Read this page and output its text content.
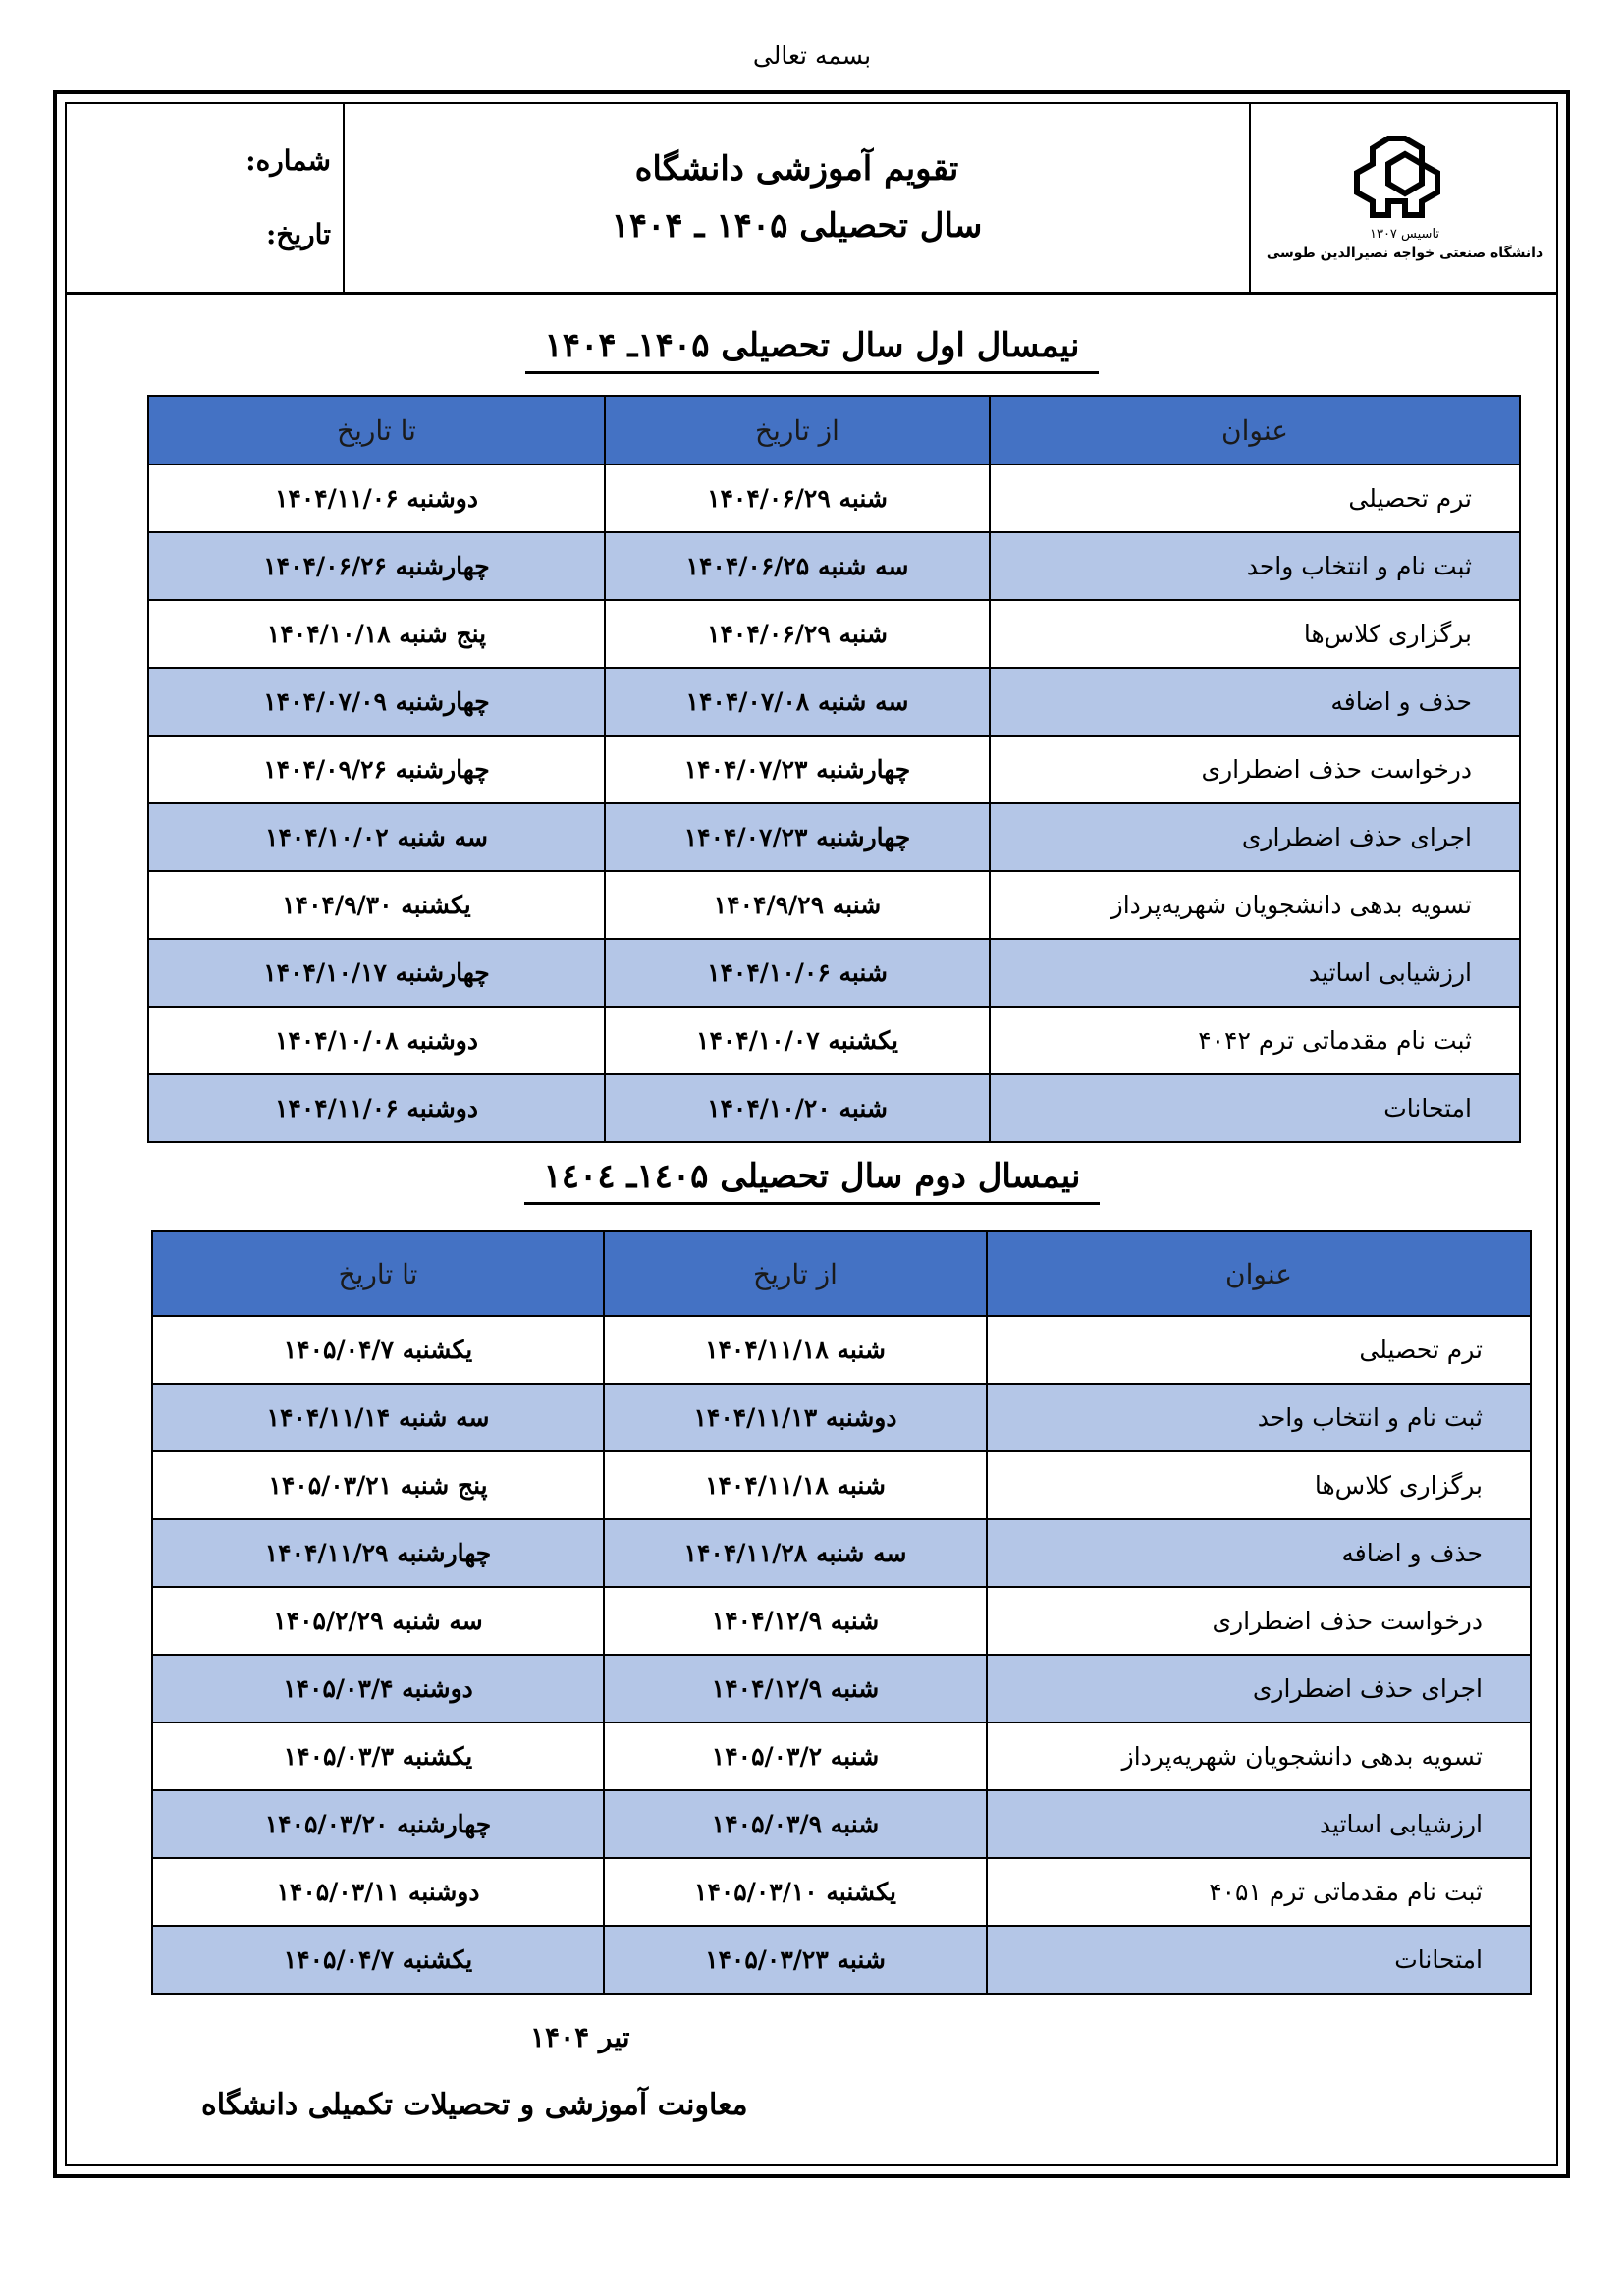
بسمه تعالی
تاسیس ۱۳۰۷
دانشگاه صنعتی خواجه نصیرالدین طوسی
تقویم آموزشی دانشگاه
سال تحصیلی ۱۴۰۵ ـ ۱۴۰۴
شماره:
تاریخ:
نیمسال اول سال تحصیلی ۱۴۰۵ـ ۱۴۰۴
عنوان	از تاریخ	تا تاریخ
ترم تحصیلی	شنبه ۱۴۰۴/۰۶/۲۹	دوشنبه ۱۴۰۴/۱۱/۰۶
ثبت نام و انتخاب واحد	سه شنبه ۱۴۰۴/۰۶/۲۵	چهارشنبه ۱۴۰۴/۰۶/۲۶
برگزاری کلاس‌ها	شنبه ۱۴۰۴/۰۶/۲۹	پنج شنبه ۱۴۰۴/۱۰/۱۸
حذف و اضافه	سه شنبه ۱۴۰۴/۰۷/۰۸	چهارشنبه ۱۴۰۴/۰۷/۰۹
درخواست حذف اضطراری	چهارشنبه ۱۴۰۴/۰۷/۲۳	چهارشنبه ۱۴۰۴/۰۹/۲۶
اجرای حذف اضطراری	چهارشنبه ۱۴۰۴/۰۷/۲۳	سه شنبه ۱۴۰۴/۱۰/۰۲
تسویه بدهی دانشجویان شهریه‌پرداز	شنبه ۱۴۰۴/۹/۲۹	یکشنبه ۱۴۰۴/۹/۳۰
ارزشیابی اساتید	شنبه ۱۴۰۴/۱۰/۰۶	چهارشنبه ۱۴۰۴/۱۰/۱۷
ثبت نام مقدماتی ترم ۴۰۴۲	یکشنبه ۱۴۰۴/۱۰/۰۷	دوشنبه ۱۴۰۴/۱۰/۰۸
امتحانات	شنبه ۱۴۰۴/۱۰/۲۰	دوشنبه ۱۴۰۴/۱۱/۰۶
نیمسال دوم سال تحصیلی ۱٤۰۵ـ ۱٤۰٤
عنوان	از تاریخ	تا تاریخ
ترم تحصیلی	شنبه ۱۴۰۴/۱۱/۱۸	یکشنبه ۱۴۰۵/۰۴/۷
ثبت نام و انتخاب واحد	دوشنبه ۱۴۰۴/۱۱/۱۳	سه شنبه ۱۴۰۴/۱۱/۱۴
برگزاری کلاس‌ها	شنبه ۱۴۰۴/۱۱/۱۸	پنج شنبه ۱۴۰۵/۰۳/۲۱
حذف و اضافه	سه شنبه ۱۴۰۴/۱۱/۲۸	چهارشنبه ۱۴۰۴/۱۱/۲۹
درخواست حذف اضطراری	شنبه ۱۴۰۴/۱۲/۹	سه شنبه ۱۴۰۵/۲/۲۹
اجرای حذف اضطراری	شنبه ۱۴۰۴/۱۲/۹	دوشنبه ۱۴۰۵/۰۳/۴
تسویه بدهی دانشجویان شهریه‌پرداز	شنبه ۱۴۰۵/۰۳/۲	یکشنبه ۱۴۰۵/۰۳/۳
ارزشیابی اساتید	شنبه ۱۴۰۵/۰۳/۹	چهارشنبه ۱۴۰۵/۰۳/۲۰
ثبت نام مقدماتی ترم ۴۰۵۱	یکشنبه ۱۴۰۵/۰۳/۱۰	دوشنبه ۱۴۰۵/۰۳/۱۱
امتحانات	شنبه ۱۴۰۵/۰۳/۲۳	یکشنبه ۱۴۰۵/۰۴/۷
تیر ۱۴۰۴
معاونت آموزشی و تحصیلات تکمیلی دانشگاه
